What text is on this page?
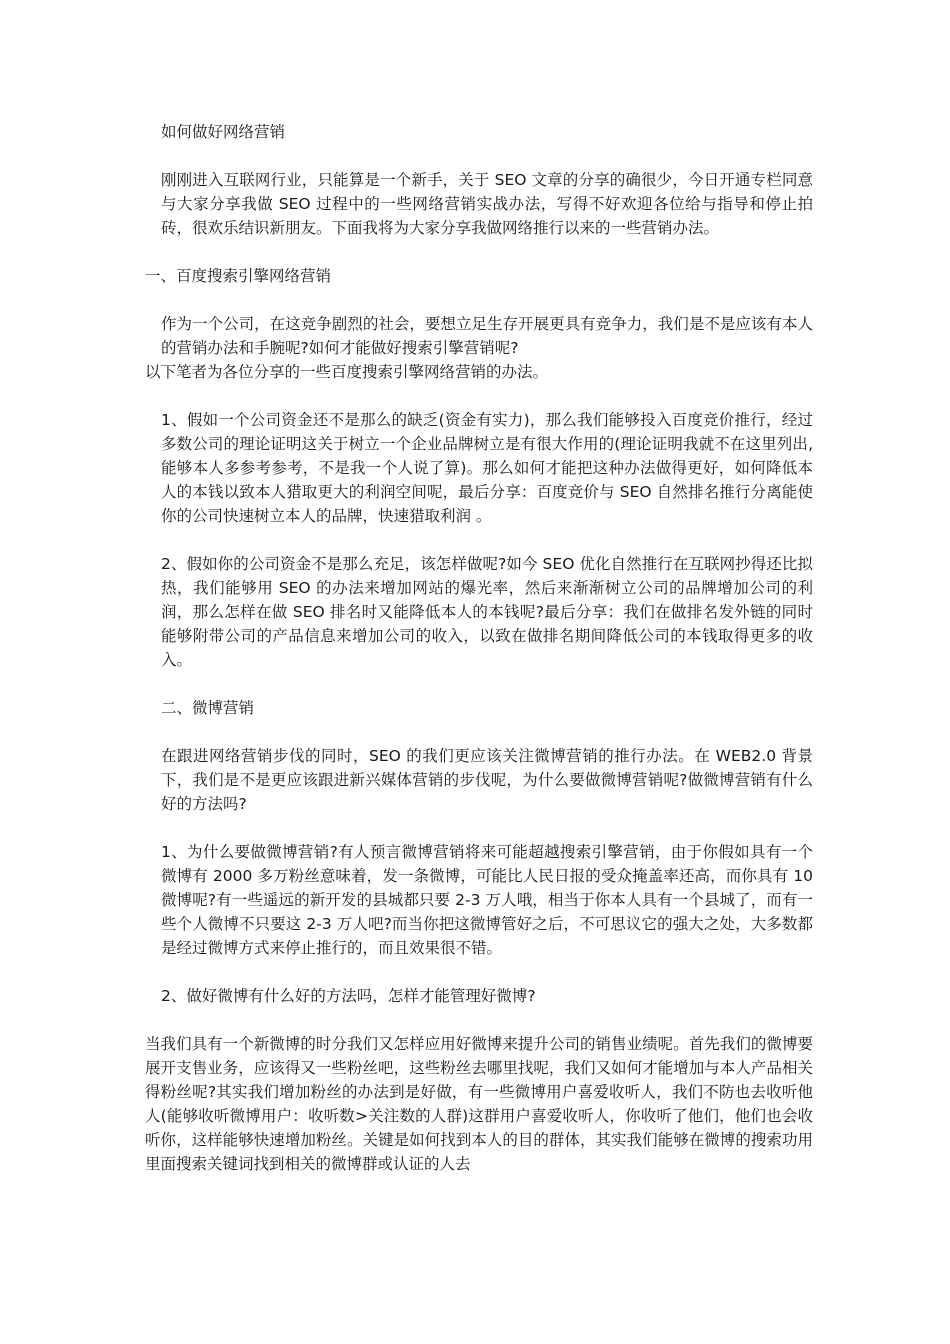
如何做好网络营销

刚刚进入互联网行业，只能算是一个新手，关于 SEO 文章的分享的确很少，今日开通专栏同意与大家分享我做 SEO 过程中的一些网络营销实战办法，写得不好欢迎各位给与指导和停止拍砖，很欢乐结识新朋友。下面我将为大家分享我做网络推行以来的一些营销办法。

一、百度搜索引擎网络营销

作为一个公司，在这竞争剧烈的社会，要想立足生存开展更具有竞争力，我们是不是应该有本人的营销办法和手腕呢?如何才能做好搜索引擎营销呢?

以下笔者为各位分享的一些百度搜索引擎网络营销的办法。

1、假如一个公司资金还不是那么的缺乏(资金有实力)，那么我们能够投入百度竞价推行，经过多数公司的理论证明这关于树立一个企业品牌树立是有很大作用的(理论证明我就不在这里列出,能够本人多参考参考，不是我一个人说了算)。那么如何才能把这种办法做得更好，如何降低本人的本钱以致本人猎取更大的利润空间呢，最后分享：百度竞价与 SEO 自然排名推行分离能使你的公司快速树立本人的品牌，快速猎取利润 。

2、假如你的公司资金不是那么充足，该怎样做呢?如今 SEO 优化自然推行在互联网抄得还比拟热，我们能够用 SEO 的办法来增加网站的爆光率，然后来渐渐树立公司的品牌增加公司的利润，那么怎样在做 SEO 排名时又能降低本人的本钱呢?最后分享：我们在做排名发外链的同时能够附带公司的产品信息来增加公司的收入，以致在做排名期间降低公司的本钱取得更多的收入。

二、微博营销

在跟进网络营销步伐的同时，SEO 的我们更应该关注微博营销的推行办法。在 WEB2.0 背景下，我们是不是更应该跟进新兴媒体营销的步伐呢，为什么要做微博营销呢?做微博营销有什么好的方法吗?

1、为什么要做微博营销?有人预言微博营销将来可能超越搜索引擎营销，由于你假如具有一个微博有 2000 多万粉丝意味着，发一条微博，可能比人民日报的受众掩盖率还高，而你具有 10 微博呢?有一些遥远的新开发的县城都只要 2-3 万人哦，相当于你本人具有一个县城了，而有一些个人微博不只要这 2-3 万人吧?而当你把这微博管好之后，不可思议它的强大之处，大多数都是经过微博方式来停止推行的，而且效果很不错。

2、做好微博有什么好的方法吗，怎样才能管理好微博?

当我们具有一个新微博的时分我们又怎样应用好微博来提升公司的销售业绩呢。首先我们的微博要展开支售业务，应该得又一些粉丝吧，这些粉丝去哪里找呢，我们又如何才能增加与本人产品相关得粉丝呢?其实我们增加粉丝的办法到是好做，有一些微博用户喜爱收听人，我们不防也去收听他人(能够收听微博用户：收听数>关注数的人群)这群用户喜爱收听人，你收听了他们，他们也会收听你，这样能够快速增加粉丝。关键是如何找到本人的目的群体，其实我们能够在微博的搜索功用里面搜索关键词找到相关的微博群或认证的人去
